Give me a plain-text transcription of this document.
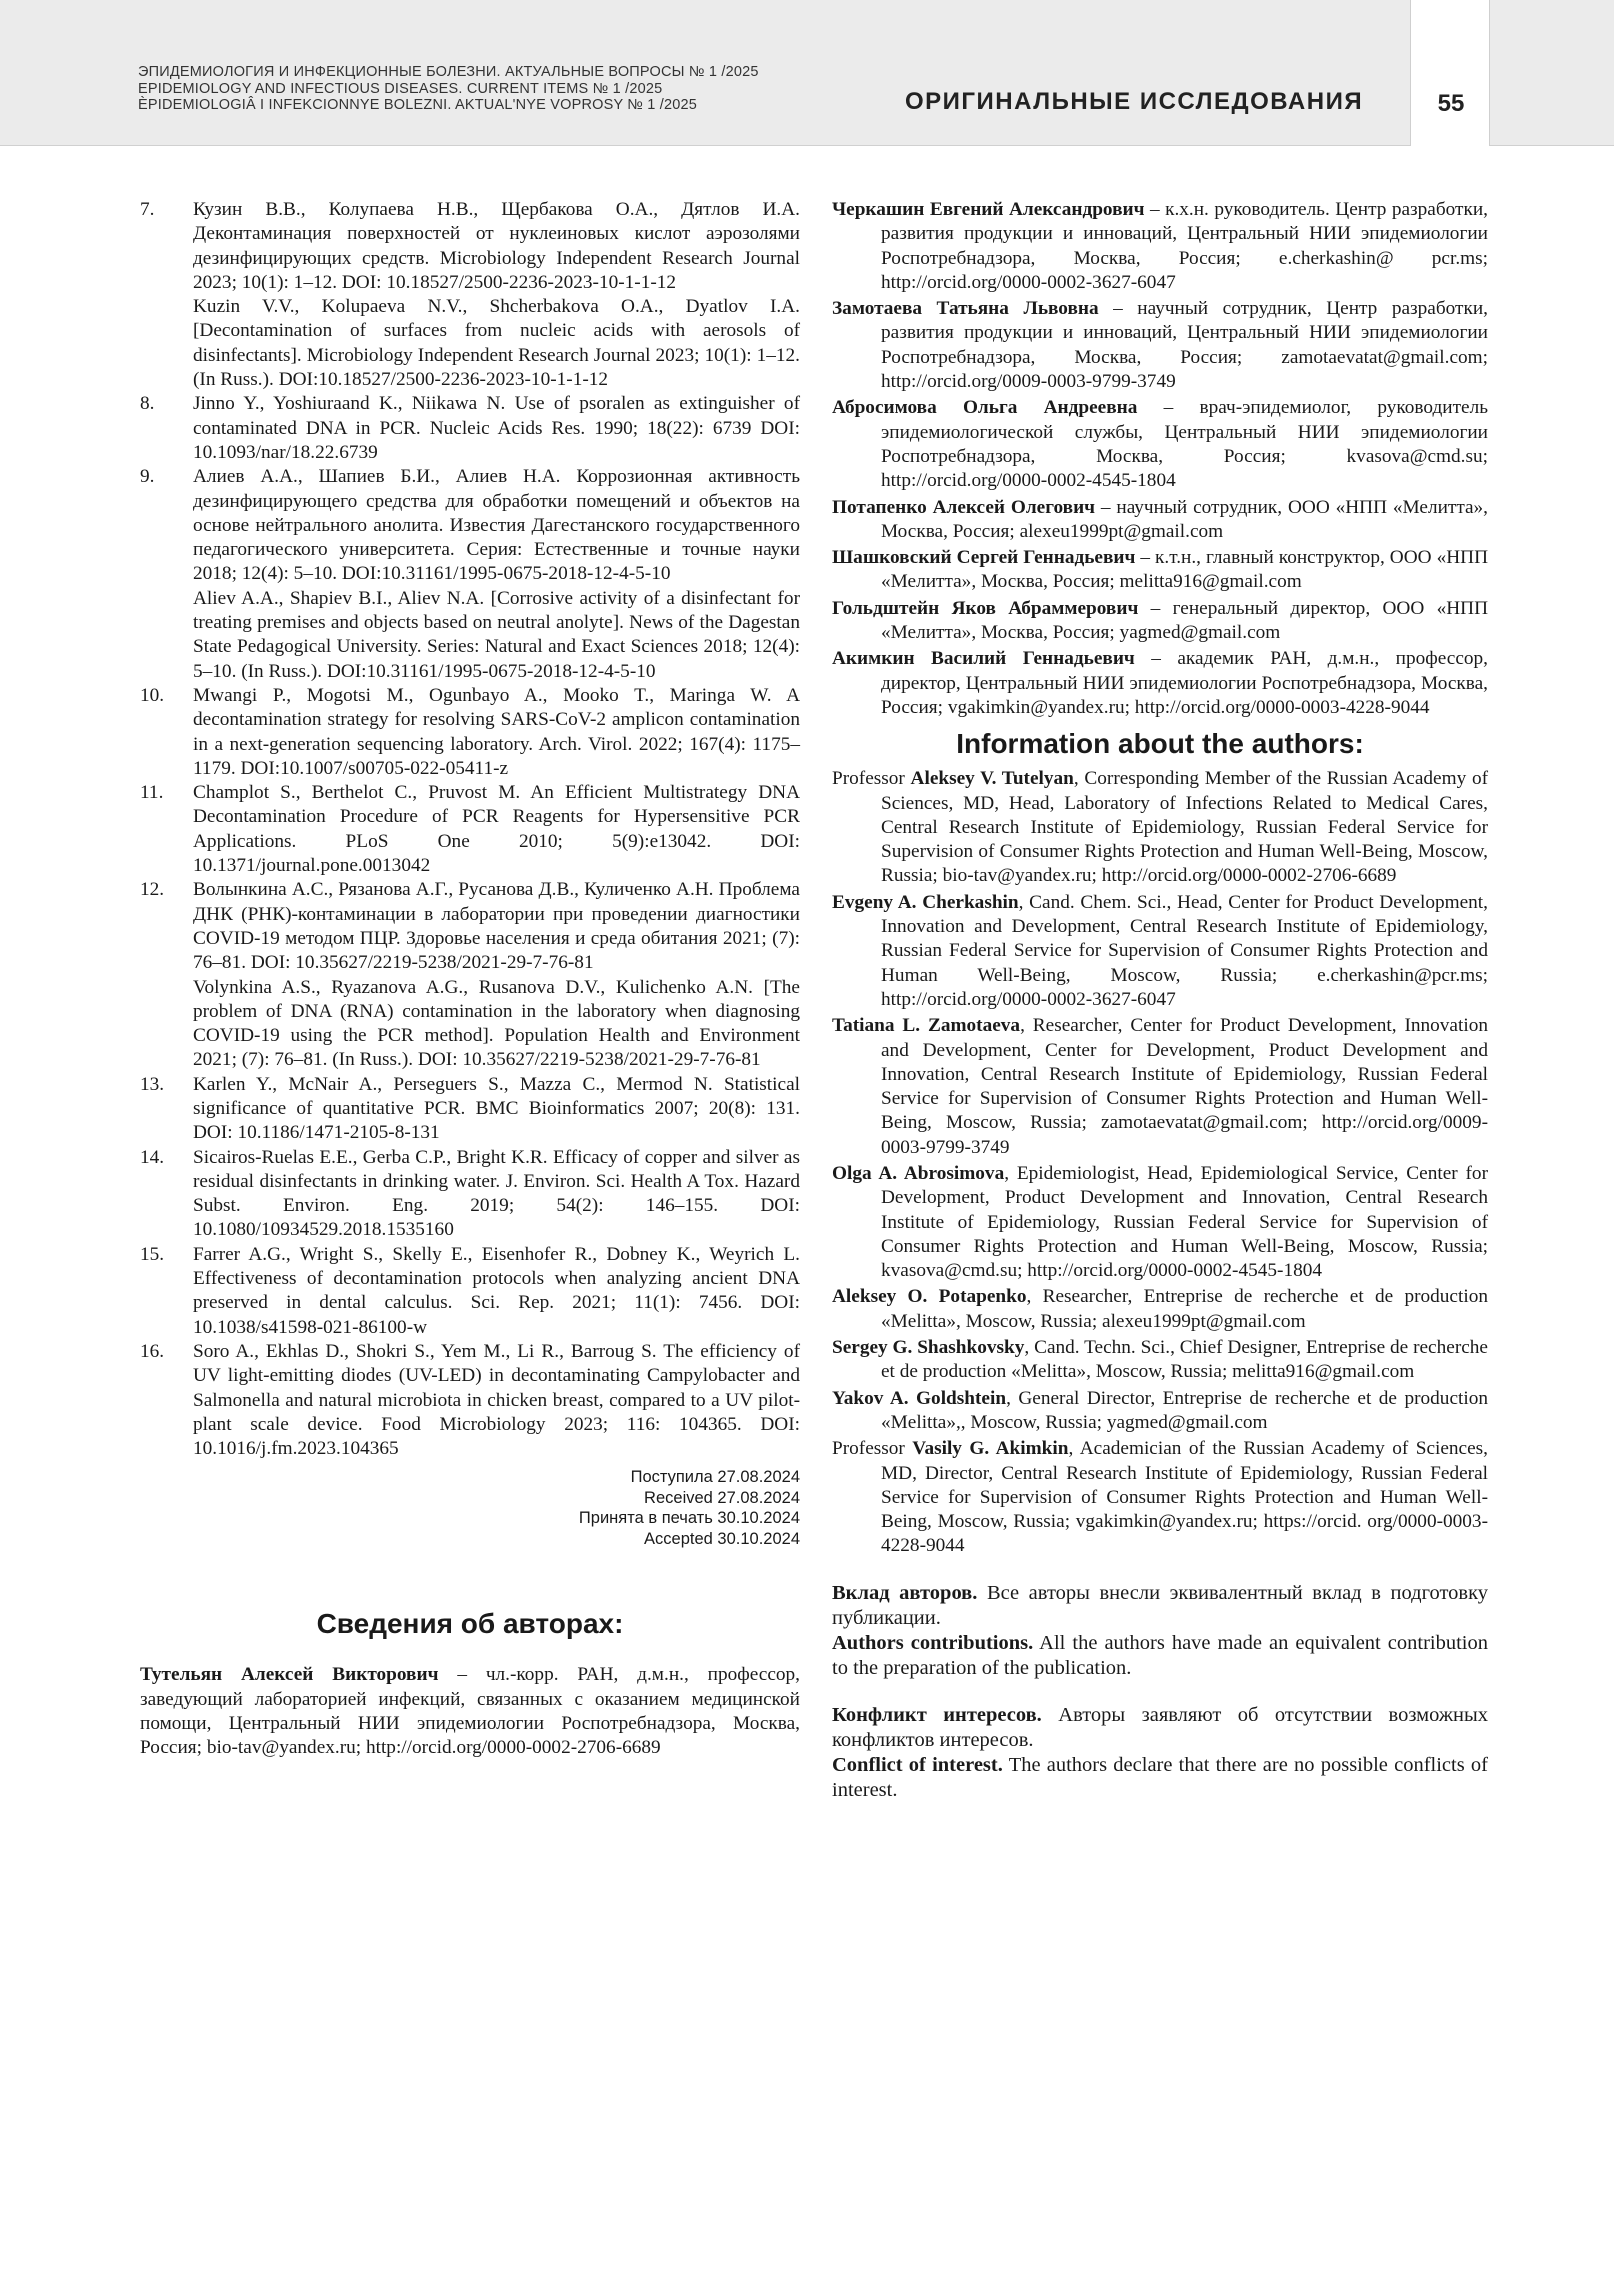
ЭПИДЕМИОЛОГИЯ И ИНФЕКЦИОННЫЕ БОЛЕЗНИ. АКТУАЛЬНЫЕ ВОПРОСЫ № 1 /2025
EPIDEMIOLOGY AND INFECTIOUS DISEASES. CURRENT ITEMS № 1 /2025
ÈPIDEMIOLOGIÂ I INFEKCIONNYE BOLEZNI. AKTUAL'NYE VOPROSY № 1 /2025	ОРИГИНАЛЬНЫЕ ИССЛЕДОВАНИЯ	55
7. Кузин В.В., Колупаева Н.В., Щербакова О.А., Дятлов И.А. Деконтаминация поверхностей от нуклеиновых кислот аэрозолями дезинфицирующих средств. Microbiology Independent Research Journal 2023; 10(1): 1–12. DOI: 10.18527/2500-2236-2023-10-1-1-12

Kuzin V.V., Kolupaeva N.V., Shcherbakova O.A., Dyatlov I.A. [Decontamination of surfaces from nucleic acids with aerosols of disinfectants]. Microbiology Independent Research Journal 2023; 10(1): 1–12. (In Russ.). DOI:10.18527/2500-2236-2023-10-1-1-12

8. Jinno Y., Yoshiuraand K., Niikawa N. Use of psoralen as extinguisher of contaminated DNA in PCR. Nucleic Acids Res. 1990; 18(22): 6739 DOI: 10.1093/nar/18.22.6739

9. Алиев А.А., Шапиев Б.И., Алиев Н.А. Коррозионная активность дезинфицирующего средства для обработки помещений и объектов на основе нейтрального анолита. Известия Дагестанского государственного педагогического университета. Серия: Естественные и точные науки 2018; 12(4): 5–10. DOI:10.31161/1995-0675-2018-12-4-5-10

Aliev A.A., Shapiev B.I., Aliev N.A. [Corrosive activity of a disinfectant for treating premises and objects based on neutral anolyte]. News of the Dagestan State Pedagogical University. Series: Natural and Exact Sciences 2018; 12(4): 5–10. (In Russ.). DOI:10.31161/1995-0675-2018-12-4-5-10

10. Mwangi P., Mogotsi M., Ogunbayo A., Mooko T., Maringa W. A decontamination strategy for resolving SARS-CoV-2 amplicon contamination in a next-generation sequencing laboratory. Arch. Virol. 2022; 167(4): 1175–1179. DOI:10.1007/s00705-022-05411-z

11. Champlot S., Berthelot C., Pruvost M. An Efficient Multistrategy DNA Decontamination Procedure of PCR Reagents for Hypersensitive PCR Applications. PLoS One 2010; 5(9):e13042. DOI: 10.1371/journal.pone.0013042

12. Волынкина А.С., Рязанова А.Г., Русанова Д.В., Куличенко А.Н. Проблема ДНК (РНК)-контаминации в лаборатории при проведении диагностики COVID-19 методом ПЦР. Здоровье населения и среда обитания 2021; (7): 76–81. DOI: 10.35627/2219-5238/2021-29-7-76-81

Volynkina A.S., Ryazanova A.G., Rusanova D.V., Kulichenko A.N. [The problem of DNA (RNA) contamination in the laboratory when diagnosing COVID-19 using the PCR method]. Population Health and Environment 2021; (7): 76–81. (In Russ.). DOI: 10.35627/2219-5238/2021-29-7-76-81

13. Karlen Y., McNair A., Perseguers S., Mazza C., Mermod N. Statistical significance of quantitative PCR. BMC Bioinformatics 2007; 20(8): 131. DOI: 10.1186/1471-2105-8-131

14. Sicairos-Ruelas E.E., Gerba C.P., Bright K.R. Efficacy of copper and silver as residual disinfectants in drinking water. J. Environ. Sci. Health A Tox. Hazard Subst. Environ. Eng. 2019; 54(2): 146–155. DOI: 10.1080/10934529.2018.1535160

15. Farrer A.G., Wright S., Skelly E., Eisenhofer R., Dobney K., Weyrich L. Effectiveness of decontamination protocols when analyzing ancient DNA preserved in dental calculus. Sci. Rep. 2021; 11(1): 7456. DOI: 10.1038/s41598-021-86100-w

16. Soro A., Ekhlas D., Shokri S., Yem M., Li R., Barroug S. The efficiency of UV light-emitting diodes (UV-LED) in decontaminating Campylobacter and Salmonella and natural microbiota in chicken breast, compared to a UV pilot-plant scale device. Food Microbiology 2023; 116: 104365. DOI: 10.1016/j.fm.2023.104365

Поступила 27.08.2024
Received 27.08.2024
Принята в печать 30.10.2024
Accepted 30.10.2024
Сведения об авторах:
Тутельян Алексей Викторович – чл.-корр. РАН, д.м.н., профессор, заведующий лабораторией инфекций, связанных с оказанием медицинской помощи, Центральный НИИ эпидемиологии Роспотребнадзора, Москва, Россия; bio-tav@yandex.ru; http://orcid.org/0000-0002-2706-6689
Черкашин Евгений Александрович – к.х.н. руководитель. Центр разработки, развития продукции и инноваций, Центральный НИИ эпидемиологии Роспотребнадзора, Москва, Россия; e.cherkashin@ pcr.ms; http://orcid.org/0000-0002-3627-6047
Замотаева Татьяна Львовна – научный сотрудник, Центр разработки, развития продукции и инноваций, Центральный НИИ эпидемиологии Роспотребнадзора, Москва, Россия; zamotaevatat@gmail.com; http://orcid.org/0009-0003-9799-3749
Абросимова Ольга Андреевна – врач-эпидемиолог, руководитель эпидемиологической службы, Центральный НИИ эпидемиологии Роспотребнадзора, Москва, Россия; kvasova@cmd.su; http://orcid.org/0000-0002-4545-1804
Потапенко Алексей Олегович – научный сотрудник, ООО «НПП «Мелитта», Москва, Россия; alexeu1999pt@gmail.com
Шашковский Сергей Геннадьевич – к.т.н., главный конструктор, ООО «НПП «Мелитта», Москва, Россия; melitta916@gmail.com
Гольдштейн Яков Абраммерович – генеральный директор, ООО «НПП «Мелитта», Москва, Россия; yagmed@gmail.com
Акимкин Василий Геннадьевич – академик РАН, д.м.н., профессор, директор, Центральный НИИ эпидемиологии Роспотребнадзора, Москва, Россия; vgakimkin@yandex.ru; http://orcid.org/0000-0003-4228-9044
Information about the authors:
Professor Aleksey V. Tutelyan, Corresponding Member of the Russian Academy of Sciences, MD, Head, Laboratory of Infections Related to Medical Cares, Central Research Institute of Epidemiology, Russian Federal Service for Supervision of Consumer Rights Protection and Human Well-Being, Moscow, Russia; bio-tav@yandex.ru; http://orcid.org/0000-0002-2706-6689
Evgeny A. Cherkashin, Cand. Chem. Sci., Head, Center for Product Development, Innovation and Development, Central Research Institute of Epidemiology, Russian Federal Service for Supervision of Consumer Rights Protection and Human Well-Being, Moscow, Russia; e.cherkashin@pcr.ms; http://orcid.org/0000-0002-3627-6047
Tatiana L. Zamotaeva, Researcher, Center for Product Development, Innovation and Development, Center for Development, Product Development and Innovation, Central Research Institute of Epidemiology, Russian Federal Service for Supervision of Consumer Rights Protection and Human Well-Being, Moscow, Russia; zamotaevatat@gmail.com; http://orcid.org/0009-0003-9799-3749
Olga A. Abrosimova, Epidemiologist, Head, Epidemiological Service, Center for Development, Product Development and Innovation, Central Research Institute of Epidemiology, Russian Federal Service for Supervision of Consumer Rights Protection and Human Well-Being, Moscow, Russia; kvasova@cmd.su; http://orcid.org/0000-0002-4545-1804
Aleksey O. Potapenko, Researcher, Entreprise de recherche et de production «Melitta», Moscow, Russia; alexeu1999pt@gmail.com
Sergey G. Shashkovsky, Cand. Techn. Sci., Chief Designer, Entreprise de recherche et de production «Melitta», Moscow, Russia; melitta916@gmail.com
Yakov A. Goldshtein, General Director, Entreprise de recherche et de production «Melitta»,, Moscow, Russia; yagmed@gmail.com
Professor Vasily G. Akimkin, Academician of the Russian Academy of Sciences, MD, Director, Central Research Institute of Epidemiology, Russian Federal Service for Supervision of Consumer Rights Protection and Human Well-Being, Moscow, Russia; vgakimkin@yandex.ru; https://orcid. org/0000-0003-4228-9044
Вклад авторов. Все авторы внесли эквивалентный вклад в подготовку публикации.
Authors contributions. All the authors have made an equivalent contribution to the preparation of the publication.
Конфликт интересов. Авторы заявляют об отсутствии возможных конфликтов интересов.
Conflict of interest. The authors declare that there are no possible conflicts of interest.
